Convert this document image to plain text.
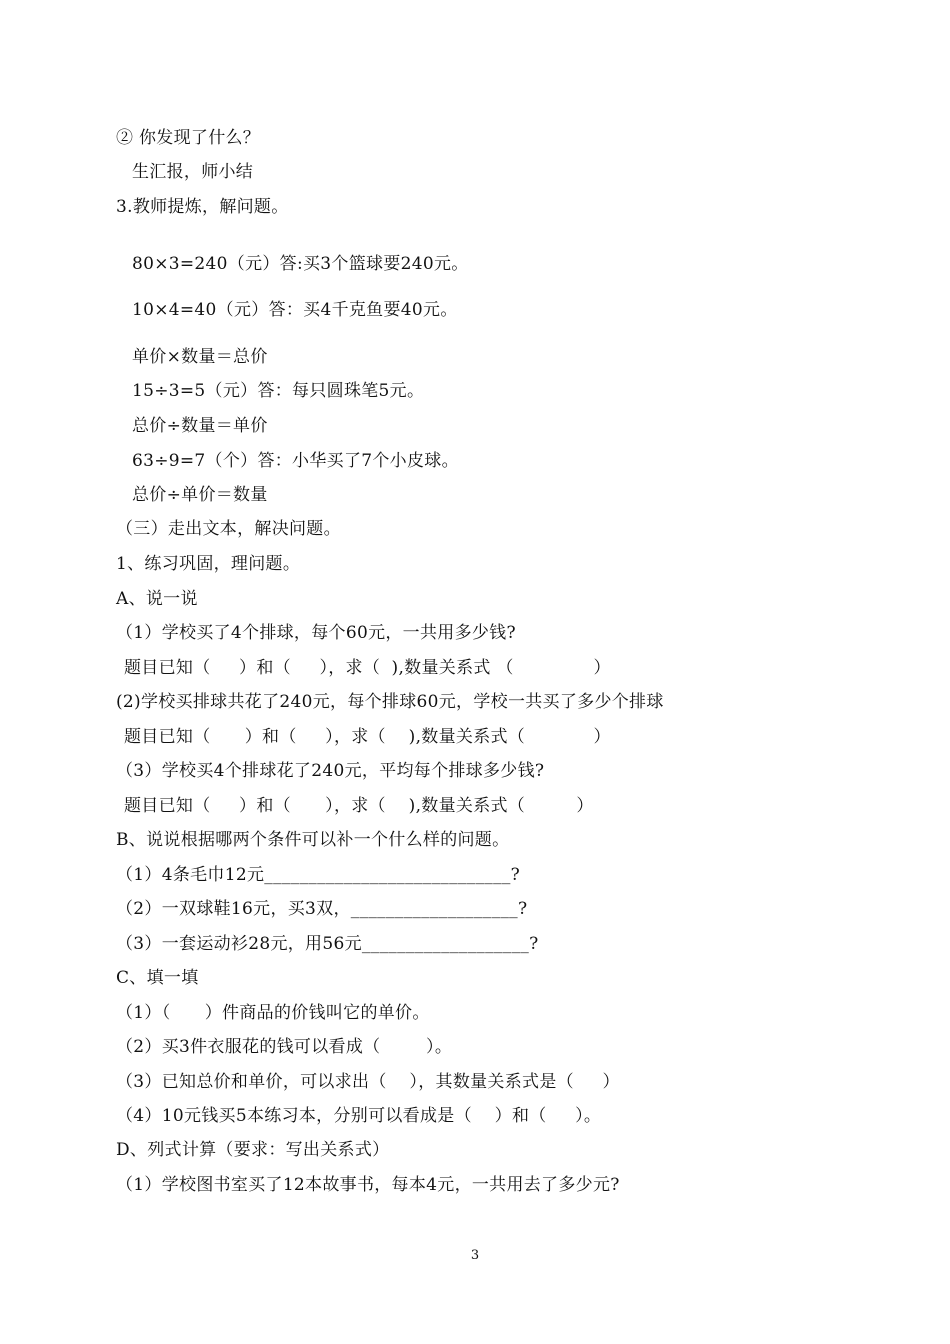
② 你发现了什么？
生汇报，师小结
3.教师提炼，解问题。
80×3=240（元）答:买3个篮球要240元。
10×4=40（元）答：买4千克鱼要40元。
单价×数量＝总价
15÷3=5（元）答：每只圆珠笔5元。
总价÷数量＝单价
63÷9=7（个）答：小华买了7个小皮球。
总价÷单价＝数量
（三）走出文本，解决问题。
1、练习巩固，理问题。
A、说一说
（1）学校买了4个排球，每个60元，一共用多少钱?
题目已知（     ）和（     ），求（  ),数量关系式 （              ）
(2)学校买排球共花了240元，每个排球60元，学校一共买了多少个排球
题目已知（      ）和（     ），求（    ),数量关系式（            ）
（3）学校买4个排球花了240元，平均每个排球多少钱?
题目已知（     ）和（      ），求（    ),数量关系式（         ）
B、说说根据哪两个条件可以补一个什么样的问题。
（1）4条毛巾12元____________________________?
（2）一双球鞋16元，买3双，___________________?
（3）一套运动衫28元，用56元___________________?
C、填一填
（1）（      ）件商品的价钱叫它的单价。
（2）买3件衣服花的钱可以看成（        ）。
（3）已知总价和单价，可以求出（    ），其数量关系式是（     ）
（4）10元钱买5本练习本，分别可以看成是（    ）和（     ）。
D、列式计算（要求：写出关系式）
（1）学校图书室买了12本故事书，每本4元，一共用去了多少元?
3
